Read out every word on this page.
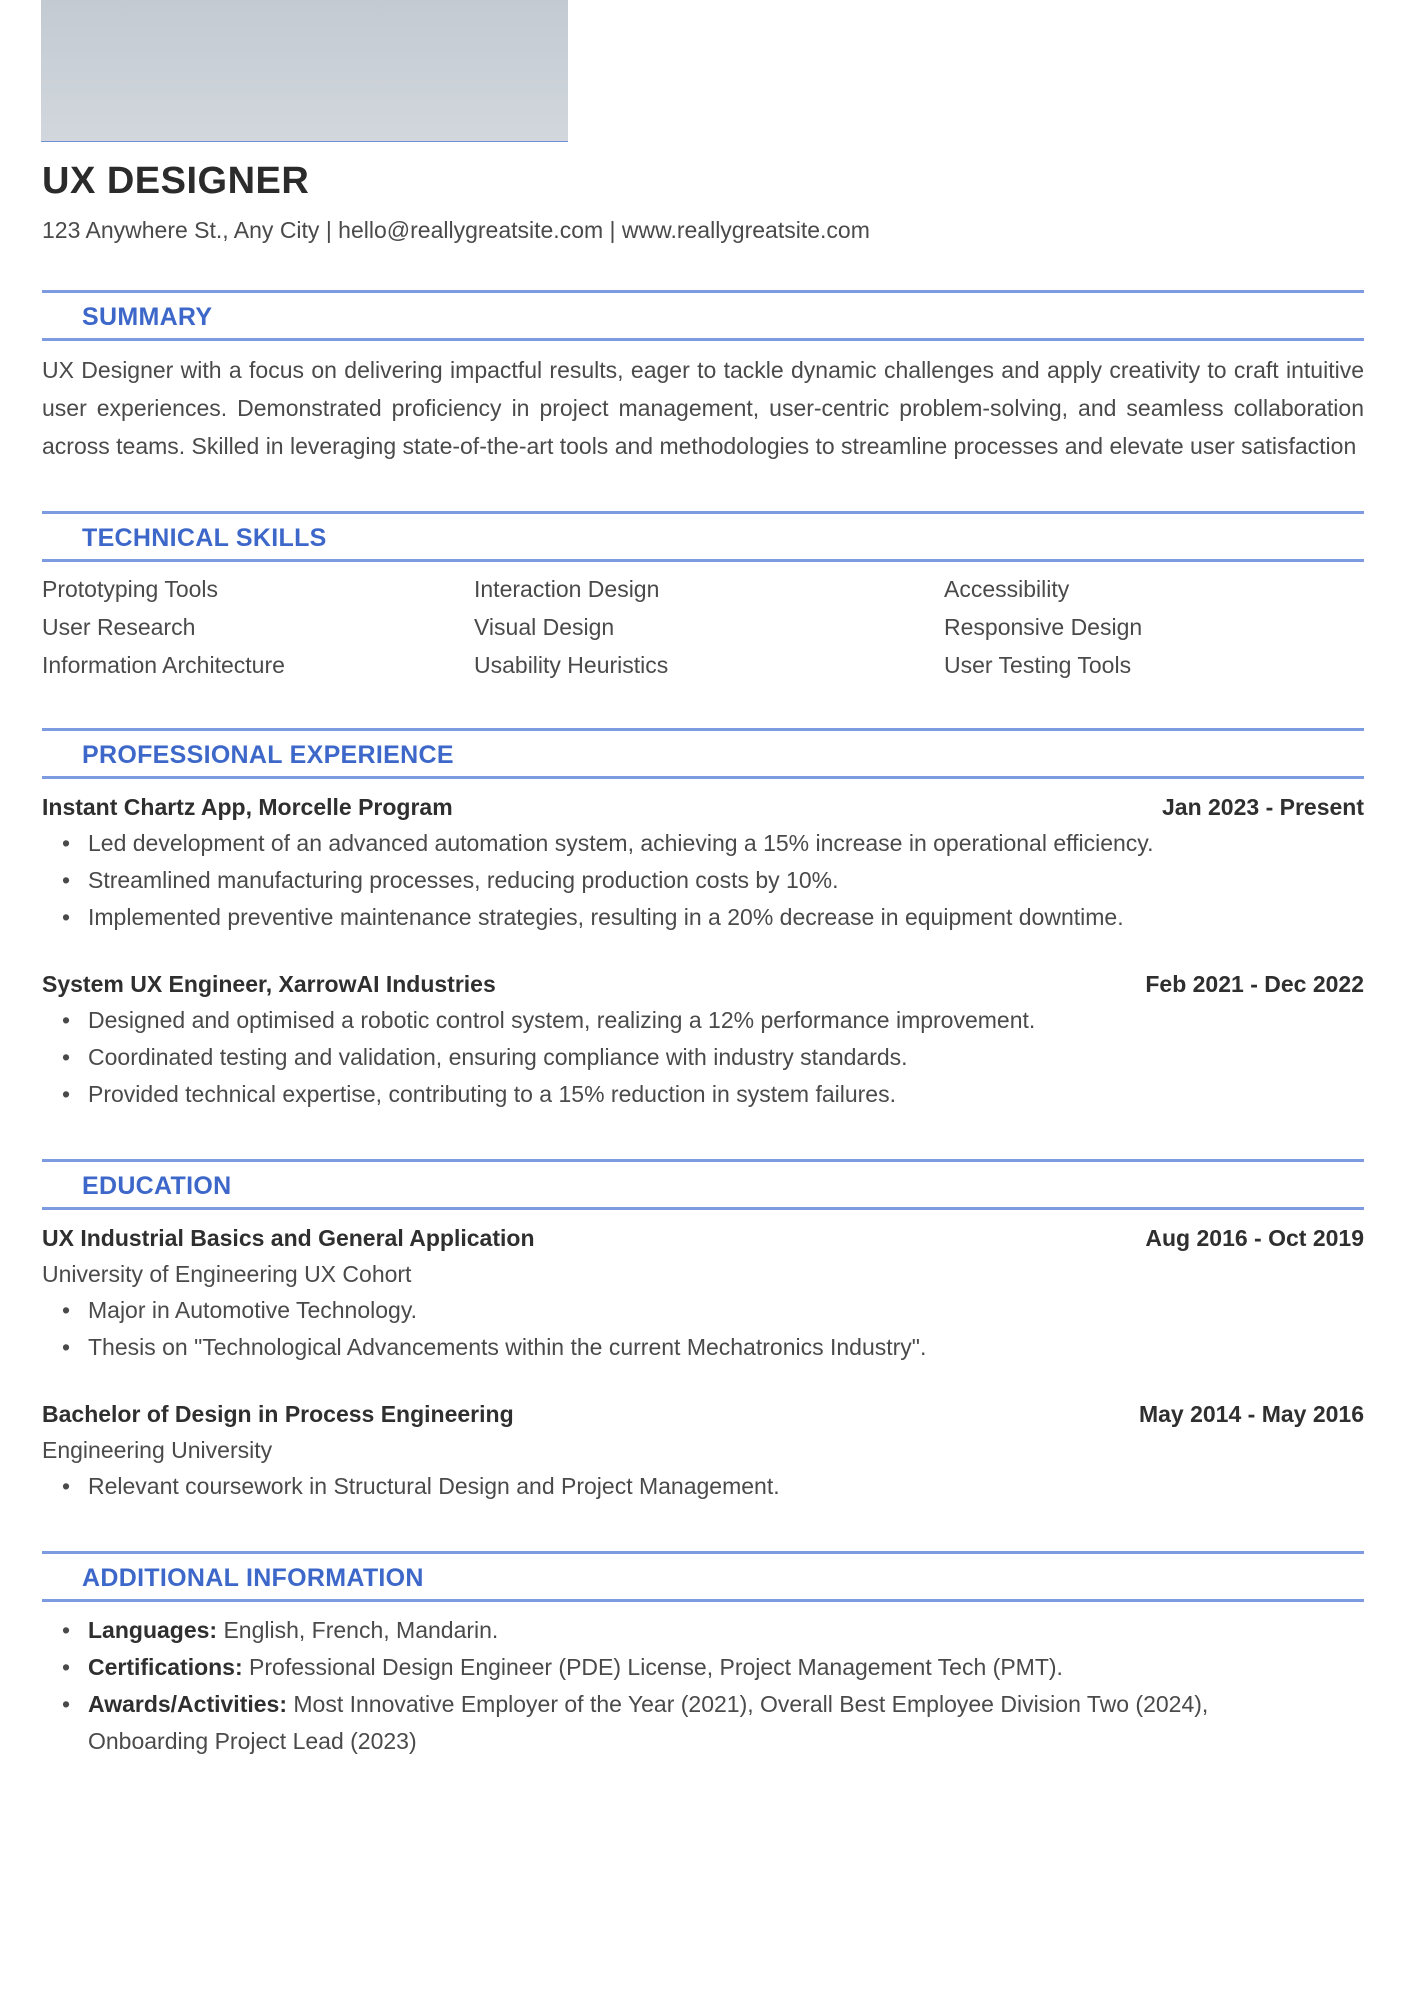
UX DESIGNER
123 Anywhere St., Any City | hello@reallygreatsite.com | www.reallygreatsite.com
SUMMARY
UX Designer with a focus on delivering impactful results, eager to tackle dynamic challenges and apply creativity to craft intuitive user experiences. Demonstrated proficiency in project management, user-centric problem-solving, and seamless collaboration across teams. Skilled in leveraging state-of-the-art tools and methodologies to streamline processes and elevate user satisfaction
TECHNICAL SKILLS
Prototyping Tools	Interaction Design	Accessibility
User Research	Visual Design	Responsive Design
Information Architecture	Usability Heuristics	User Testing Tools
PROFESSIONAL EXPERIENCE
Instant Chartz App, Morcelle Program	Jan 2023 - Present
• Led development of an advanced automation system, achieving a 15% increase in operational efficiency.
• Streamlined manufacturing processes, reducing production costs by 10%.
• Implemented preventive maintenance strategies, resulting in a 20% decrease in equipment downtime.
System UX Engineer, XarrowAI Industries	Feb 2021 - Dec 2022
• Designed and optimised a robotic control system, realizing a 12% performance improvement.
• Coordinated testing and validation, ensuring compliance with industry standards.
• Provided technical expertise, contributing to a 15% reduction in system failures.
EDUCATION
UX Industrial Basics and General Application	Aug 2016 - Oct 2019
University of Engineering UX Cohort
• Major in Automotive Technology.
• Thesis on "Technological Advancements within the current Mechatronics Industry".
Bachelor of Design in Process Engineering	May 2014 - May 2016
Engineering University
• Relevant coursework in Structural Design and Project Management.
ADDITIONAL INFORMATION
• Languages: English, French, Mandarin.
• Certifications: Professional Design Engineer (PDE) License, Project Management Tech (PMT).
• Awards/Activities: Most Innovative Employer of the Year (2021), Overall Best Employee Division Two (2024), Onboarding Project Lead (2023)
